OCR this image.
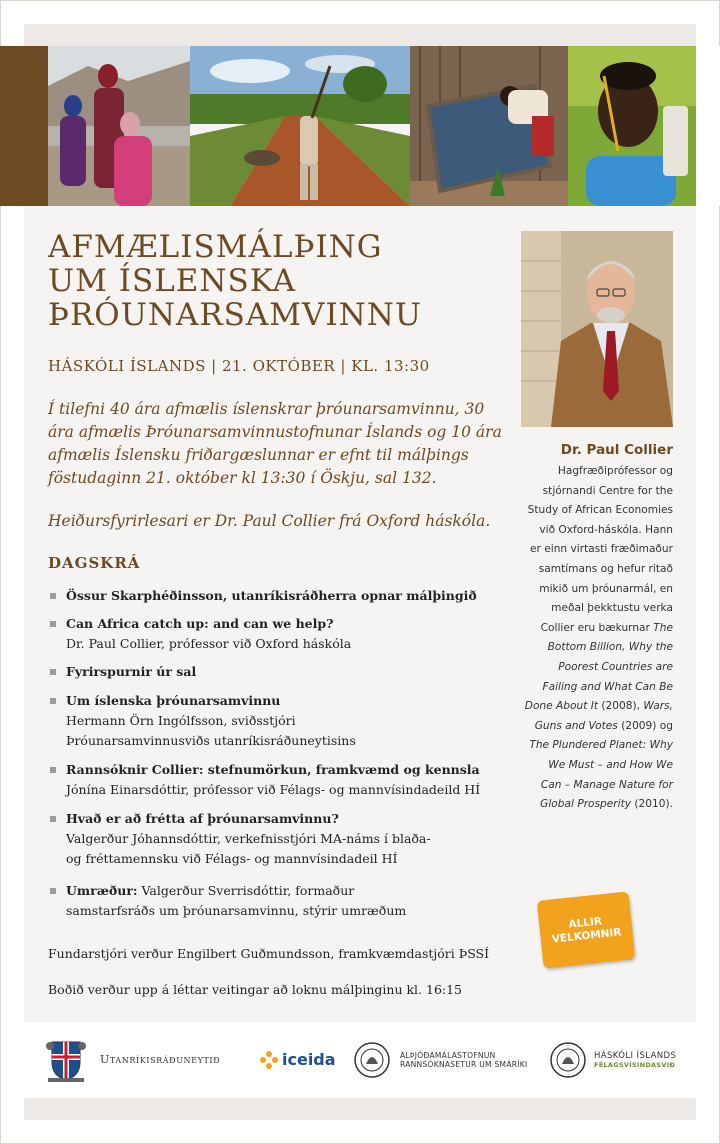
AFMÆLISMÁLÞING
UM ÍSLENSKA
ÞRÓUNARSAMVINNU
HÁSKÓLI ÍSLANDS | 21. OKTÓBER | KL. 13:30
Í tilefni 40 ára afmælis íslenskrar þróunarsamvinnu, 30 ára afmælis Þróunarsamvinnustofnunar Íslands og 10 ára afmælis Íslensku friðargæslunnar er efnt til málþings föstudaginn 21. október kl 13:30 í Öskju, sal 132.
Heiðursfyrirlesari er Dr. Paul Collier frá Oxford háskóla.
DAGSKRÁ
Össur Skarphéðinsson, utanríkisráðherra opnar málþingið
Can Africa catch up: and can we help?
Dr. Paul Collier, prófessor við Oxford háskóla
Fyrirspurnir úr sal
Um íslenska þróunarsamvinnu
Hermann Örn Ingólfsson, sviðsstjóri
Þróunarsamvinnusviðs utanríkisráðuneytisins
Rannsóknir Collier: stefnumörkun, framkvæmd og kennsla
Jónína Einarsdóttir, prófessor við Félags- og mannvísindadeild HÍ
Hvað er að frétta af þróunarsamvinnu?
Valgerður Jóhannsdóttir, verkefnisstjóri MA-náms í blaða-
og fréttamennsku við Félags- og mannvísindadeil HÍ
Umræður: Valgerður Sverrisdóttir, formaður
samstarfsráðs um þróunarsamvinnu, stýrir umræðum
Fundarstjóri verður Engilbert Guðmundsson, framkvæmdastjóri ÞSSÍ
Boðið verður upp á léttar veitingar að loknu málþinginu kl. 16:15
Dr. Paul Collier
Hagfræðiprófessor og
stjórnandi Centre for the
Study of African Economies
við Oxford-háskóla. Hann
er einn virtasti fræðimaður
samtímans og hefur ritað
mikið um þróunarmál, en
meðal þekktustu verka
Collier eru bækurnar The
Bottom Billion, Why the
Poorest Countries are
Failing and What Can Be
Done About It (2008), Wars,
Guns and Votes (2009) og
The Plundered Planet: Why
We Must – and How We
Can – Manage Nature for
Global Prosperity (2010).
ALLIR
VELKOMNIR
Utanríkisráðuneytið	iceida	ALÞJÓÐAMÁLASTOFNUN
RANNSÓKNASETUR UM SMÁRÍKI
HÁSKÓLI ÍSLANDS
FÉLAGSVÍSINDASVIÐ
